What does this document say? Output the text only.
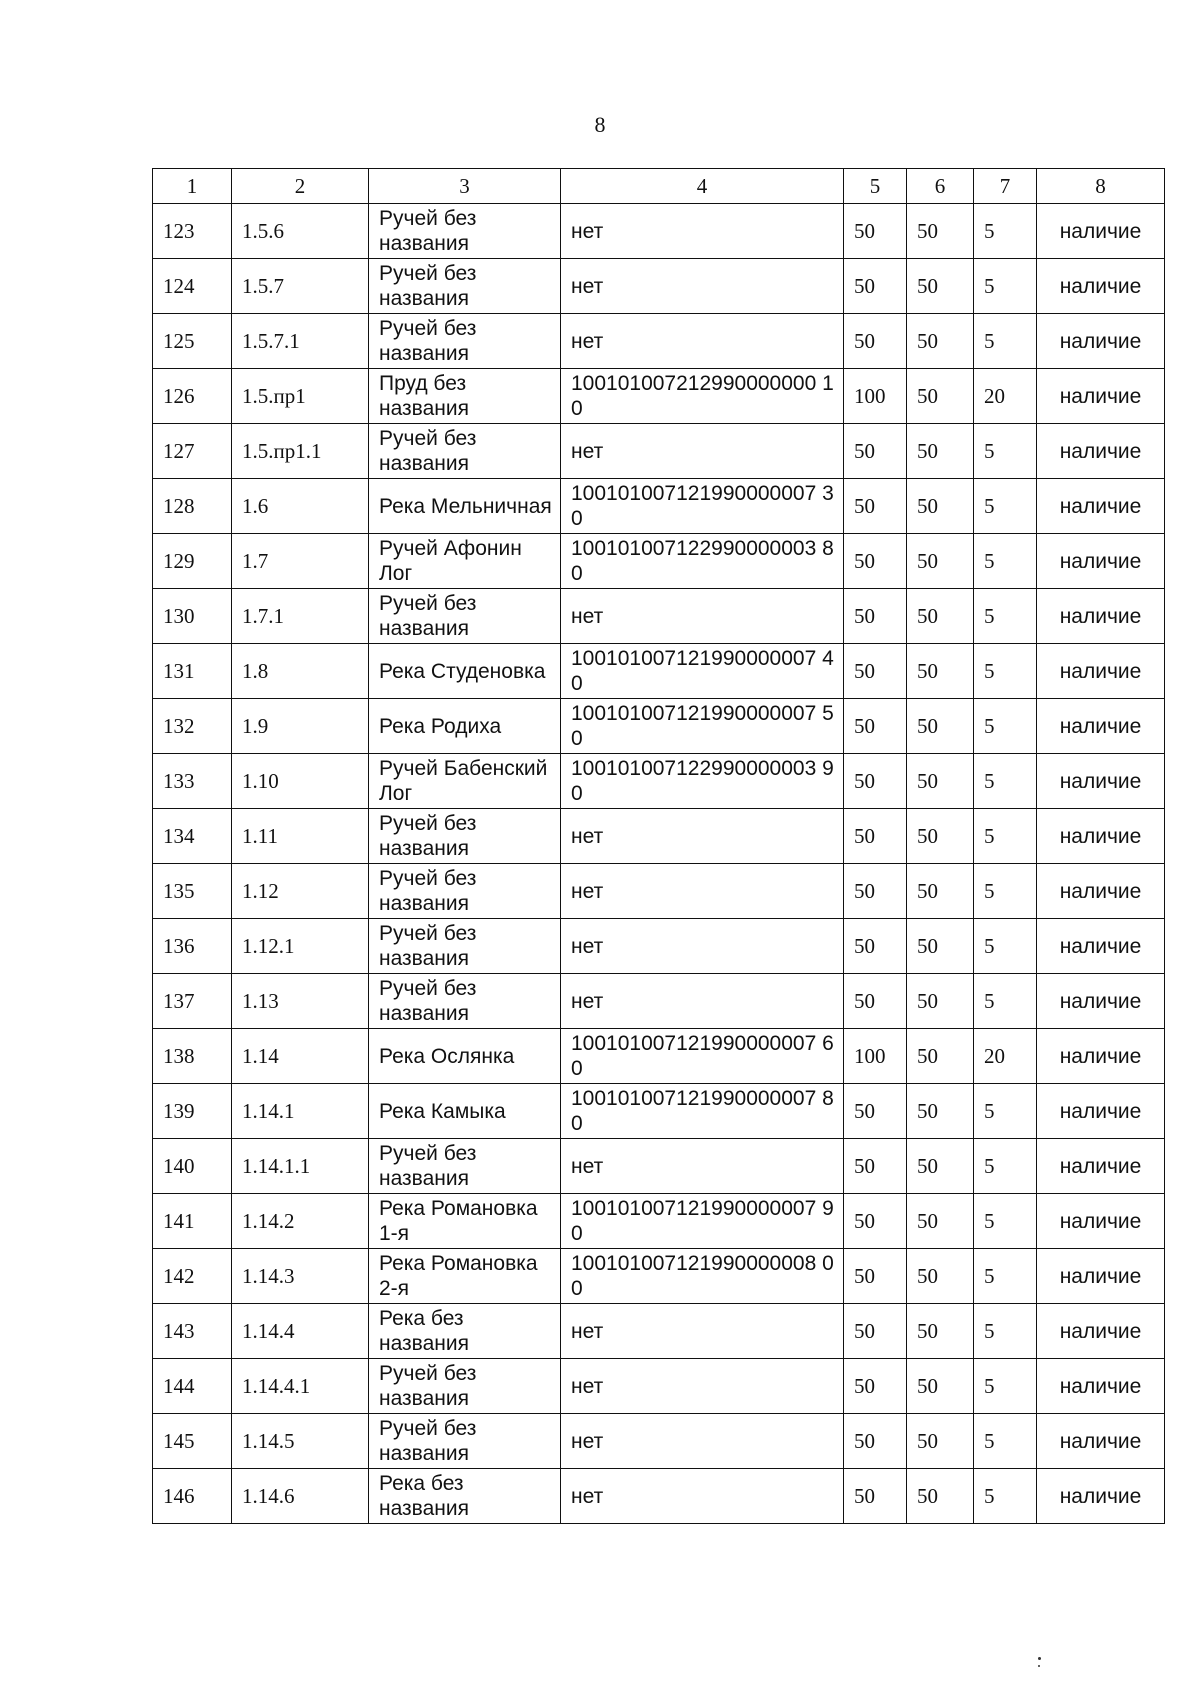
8
1	2	3	4	5	6	7	8
123	1.5.6	Ручей без названия	нет	50	50	5	наличие
124	1.5.7	Ручей без названия	нет	50	50	5	наличие
125	1.5.7.1	Ручей без названия	нет	50	50	5	наличие
126	1.5.пр1	Пруд без названия	100101007212990000000 10	100	50	20	наличие
127	1.5.пр1.1	Ручей без названия	нет	50	50	5	наличие
128	1.6	Река Мельничная	100101007121990000007 30	50	50	5	наличие
129	1.7	Ручей Афонин Лог	100101007122990000003 80	50	50	5	наличие
130	1.7.1	Ручей без названия	нет	50	50	5	наличие
131	1.8	Река Студеновка	100101007121990000007 40	50	50	5	наличие
132	1.9	Река Родиха	100101007121990000007 50	50	50	5	наличие
133	1.10	Ручей Бабенский Лог	100101007122990000003 90	50	50	5	наличие
134	1.11	Ручей без названия	нет	50	50	5	наличие
135	1.12	Ручей без названия	нет	50	50	5	наличие
136	1.12.1	Ручей без названия	нет	50	50	5	наличие
137	1.13	Ручей без названия	нет	50	50	5	наличие
138	1.14	Река Ослянка	100101007121990000007 60	100	50	20	наличие
139	1.14.1	Река Камыка	100101007121990000007 80	50	50	5	наличие
140	1.14.1.1	Ручей без названия	нет	50	50	5	наличие
141	1.14.2	Река Романовка 1-я	100101007121990000007 90	50	50	5	наличие
142	1.14.3	Река Романовка 2-я	100101007121990000008 00	50	50	5	наличие
143	1.14.4	Река без названия	нет	50	50	5	наличие
144	1.14.4.1	Ручей без названия	нет	50	50	5	наличие
145	1.14.5	Ручей без названия	нет	50	50	5	наличие
146	1.14.6	Река без названия	нет	50	50	5	наличие
